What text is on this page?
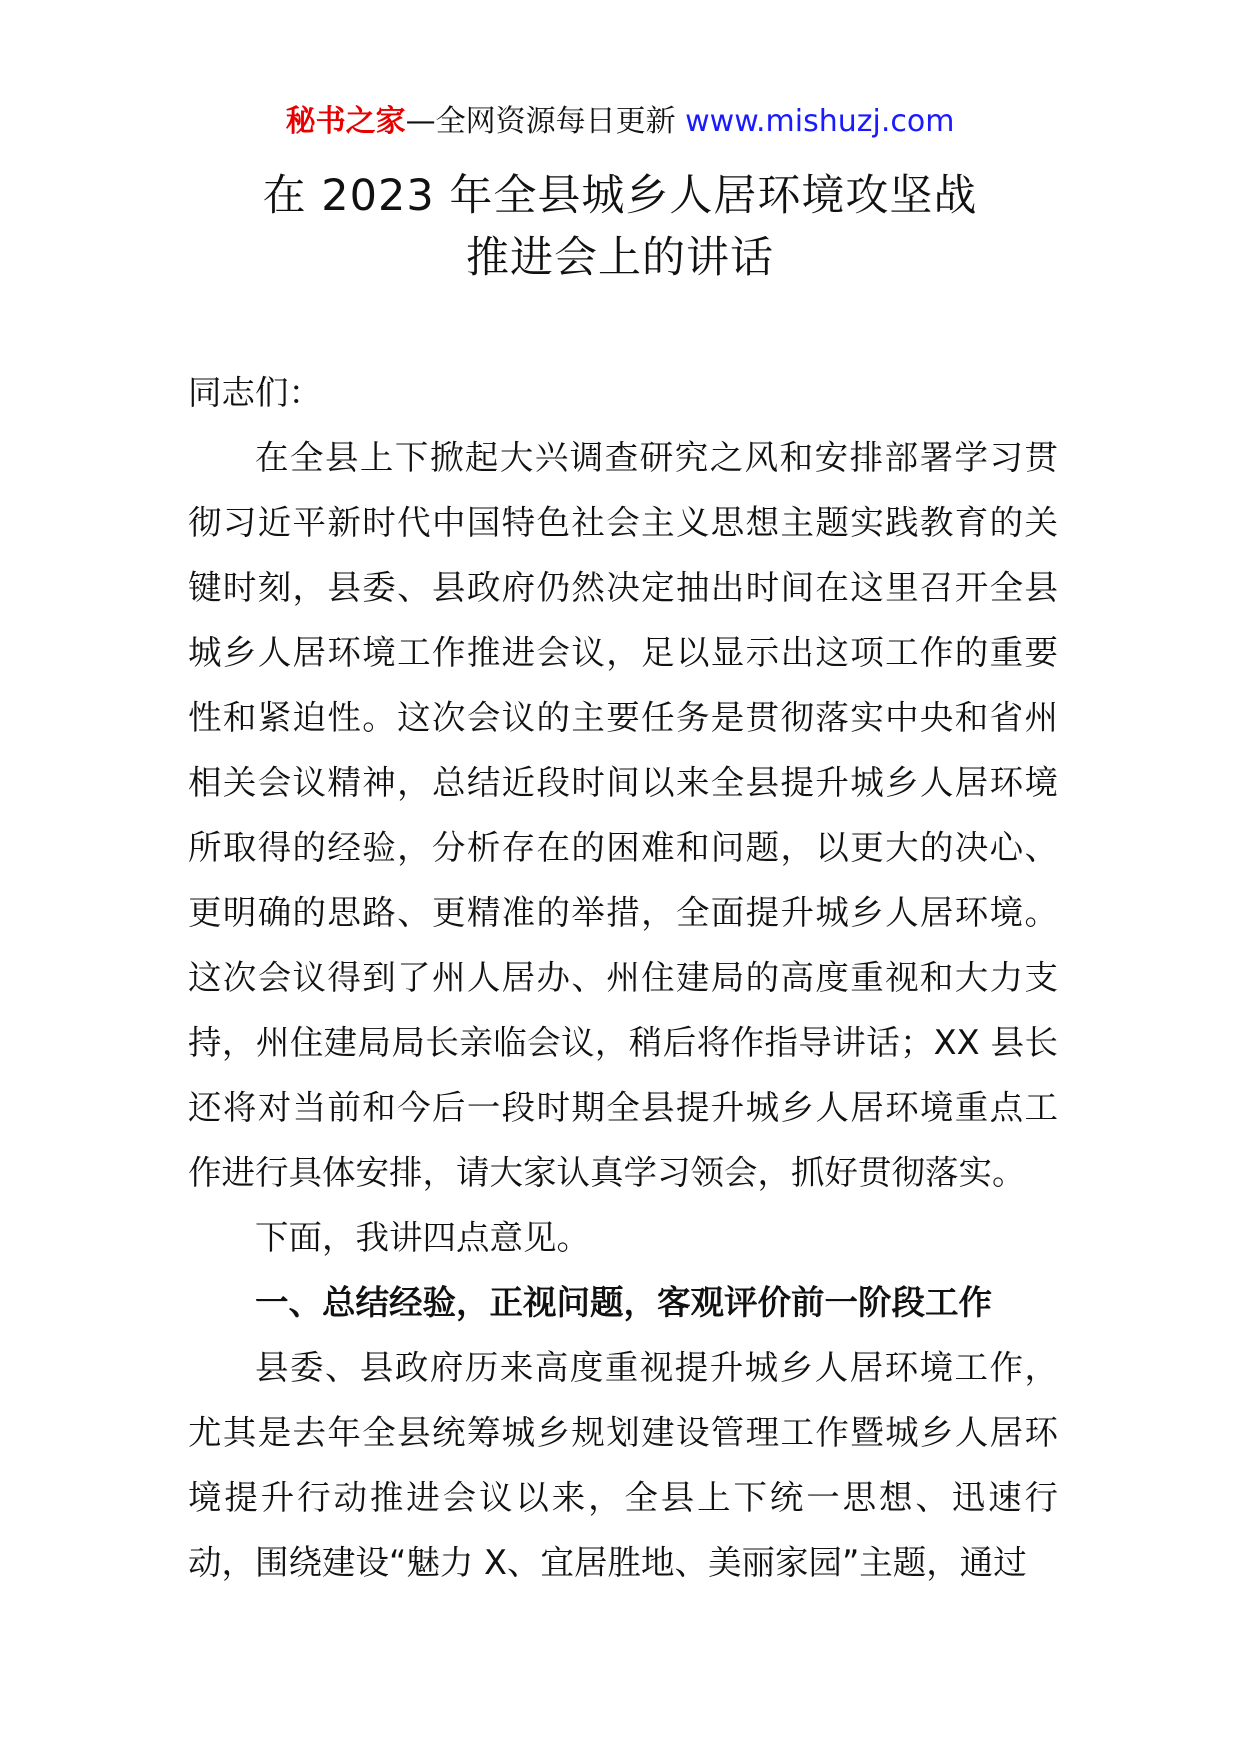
秘书之家—全网资源每日更新 www.mishuzj.com
在 2023 年全县城乡人居环境攻坚战
推进会上的讲话

同志们：

在全县上下掀起大兴调查研究之风和安排部署学习贯彻习近平新时代中国特色社会主义思想主题实践教育的关键时刻，县委、县政府仍然决定抽出时间在这里召开全县城乡人居环境工作推进会议，足以显示出这项工作的重要性和紧迫性。这次会议的主要任务是贯彻落实中央和省州相关会议精神，总结近段时间以来全县提升城乡人居环境所取得的经验，分析存在的困难和问题，以更大的决心、更明确的思路、更精准的举措，全面提升城乡人居环境。这次会议得到了州人居办、州住建局的高度重视和大力支持，州住建局局长亲临会议，稍后将作指导讲话；XX 县长还将对当前和今后一段时期全县提升城乡人居环境重点工作进行具体安排，请大家认真学习领会，抓好贯彻落实。

下面，我讲四点意见。

一、总结经验，正视问题，客观评价前一阶段工作

县委、县政府历来高度重视提升城乡人居环境工作，尤其是去年全县统筹城乡规划建设管理工作暨城乡人居环境提升行动推进会议以来，全县上下统一思想、迅速行动，围绕建设“魅力 X、宜居胜地、美丽家园”主题，通过
